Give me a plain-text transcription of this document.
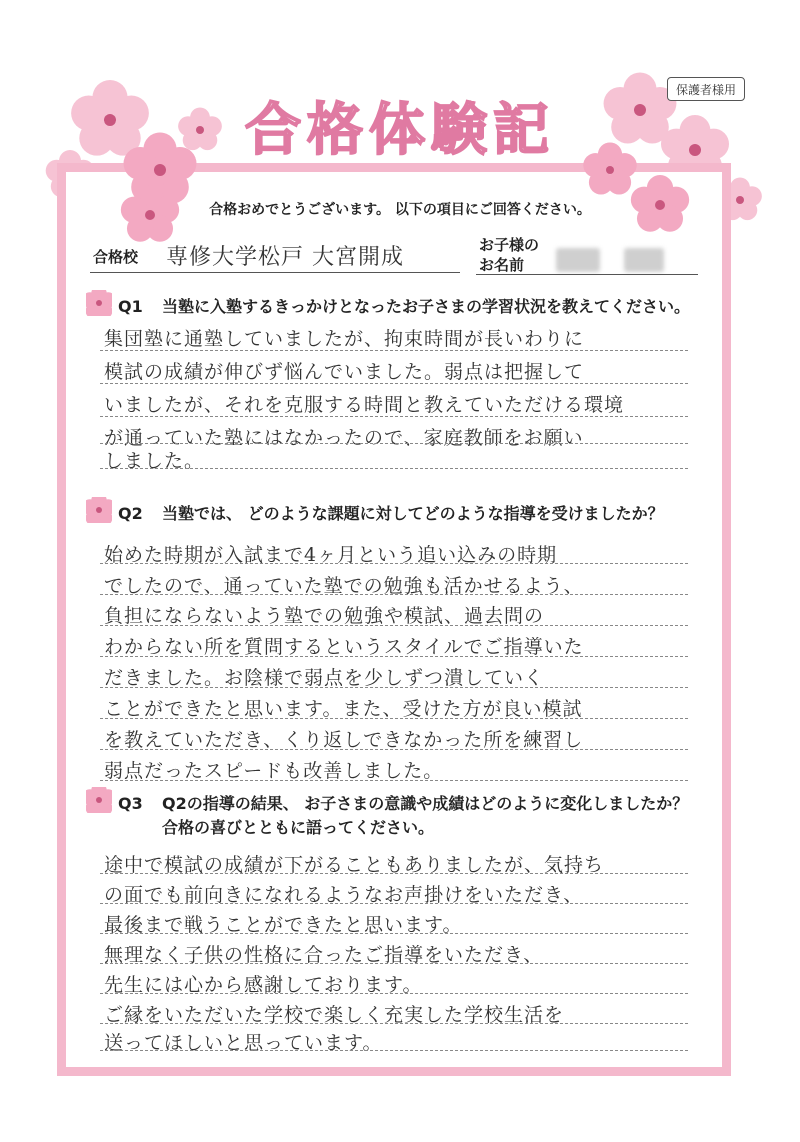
保護者様用
合格体験記
合格おめでとうございます。 以下の項目にご回答ください。
合格校 専修大学松戸 大宮開成	お子様の
お名前
Q1 当塾に入塾するきっかけとなったお子さまの学習状況を教えてください。
集団塾に通塾していましたが、拘束時間が長いわりに
模試の成績が伸びず悩んでいました。弱点は把握して
いましたが、それを克服する時間と教えていただける環境
が通っていた塾にはなかったので、家庭教師をお願い
しました。
Q2 当塾では、 どのような課題に対してどのような指導を受けましたか？
始めた時期が入試まで4ヶ月という追い込みの時期
でしたので、通っていた塾での勉強も活かせるよう、
負担にならないよう塾での勉強や模試、過去問の
わからない所を質問するというスタイルでご指導いた
だきました。お陰様で弱点を少しずつ潰していく
ことができたと思います。また、受けた方が良い模試
を教えていただき、くり返しできなかった所を練習し
弱点だったスピードも改善しました。
Q3 Q2の指導の結果、 お子さまの意識や成績はどのように変化しましたか？
合格の喜びとともに語ってください。
途中で模試の成績が下がることもありましたが、気持ち
の面でも前向きになれるようなお声掛けをいただき、
最後まで戦うことができたと思います。
無理なく子供の性格に合ったご指導をいただき、
先生には心から感謝しております。
ご縁をいただいた学校で楽しく充実した学校生活を
送ってほしいと思っています。
